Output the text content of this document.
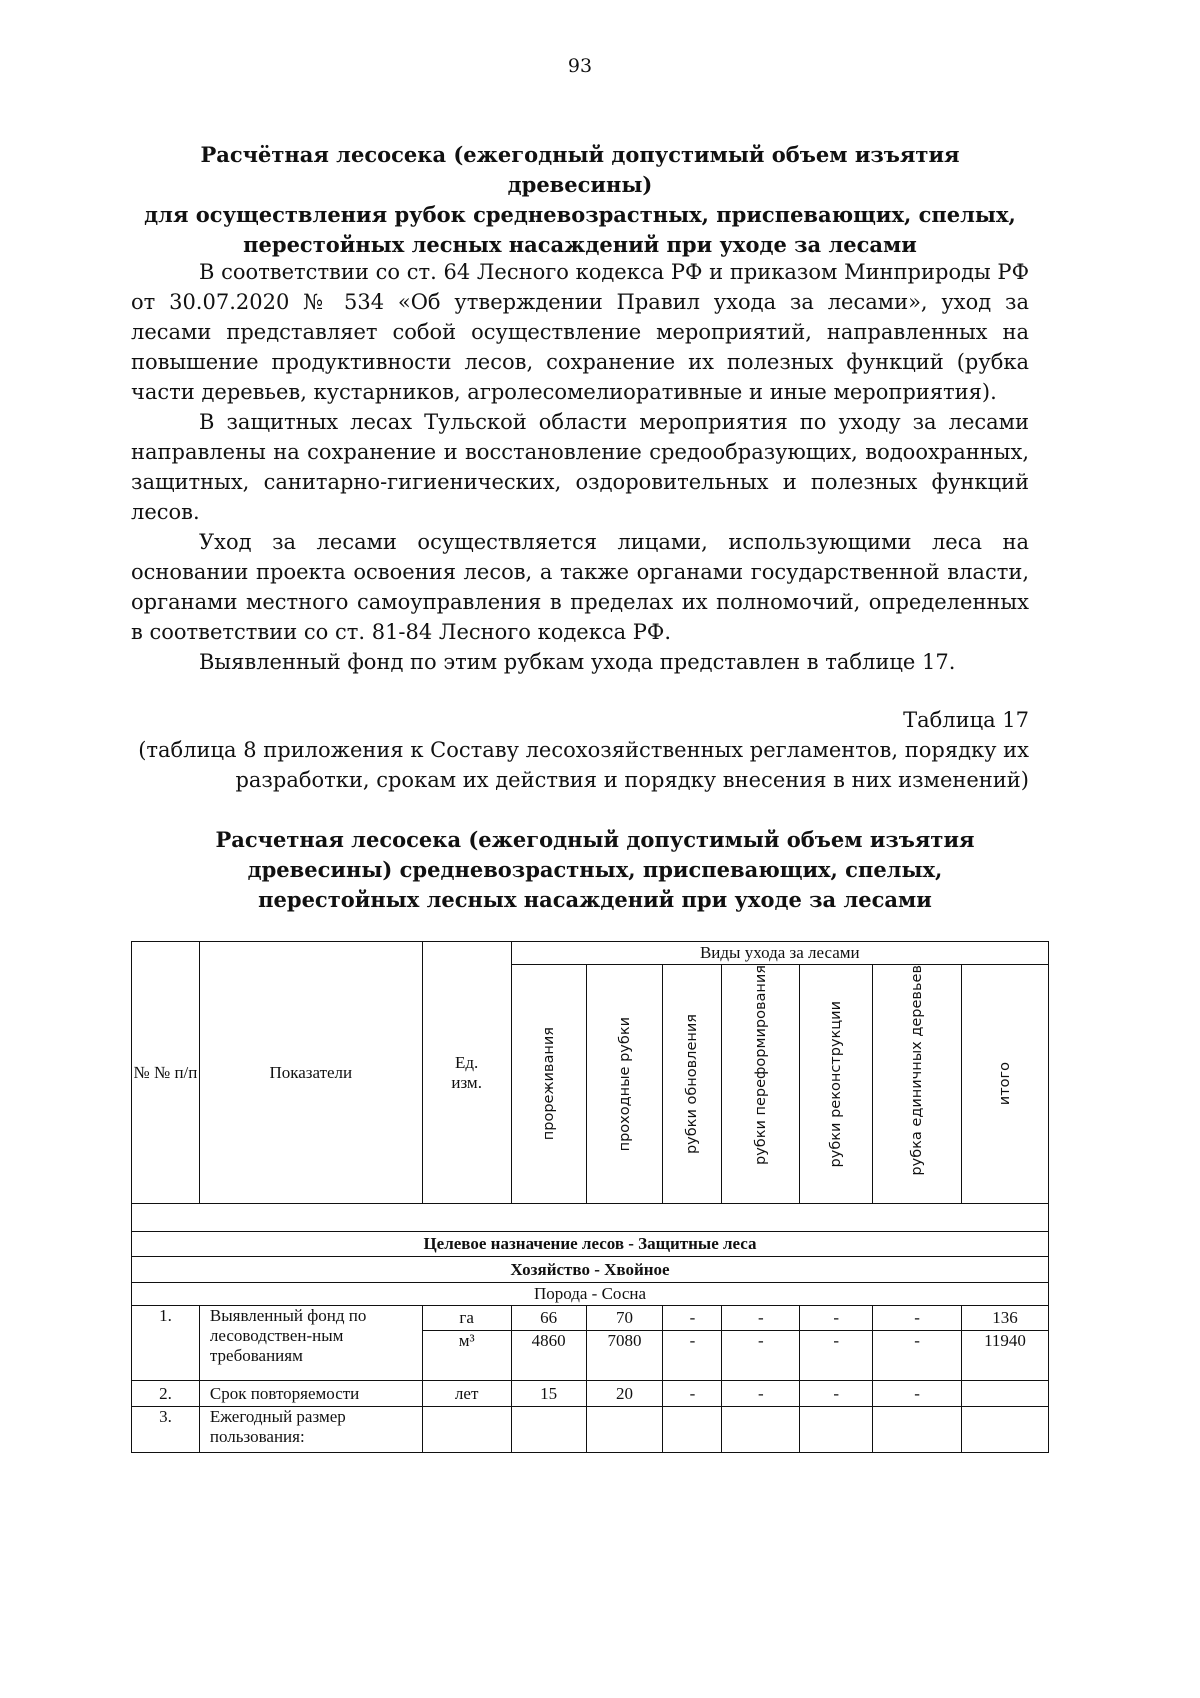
93
Расчётная лесосека (ежегодный допустимый объем изъятия древесины)
для осуществления рубок средневозрастных, приспевающих, спелых,
перестойных лесных насаждений при уходе за лесами

В соответствии со ст. 64 Лесного кодекса РФ и приказом Минприроды РФ от 30.07.2020 № 534 «Об утверждении Правил ухода за лесами», уход за лесами представляет собой осуществление мероприятий, направленных на повышение продуктивности лесов, сохранение их полезных функций (рубка части деревьев, кустарников, агролесомелиоративные и иные мероприятия).

В защитных лесах Тульской области мероприятия по уходу за лесами направлены на сохранение и восстановление средообразующих, водоохранных, защитных, санитарно-гигиенических, оздоровительных и полезных функций лесов.

Уход за лесами осуществляется лицами, использующими леса на основании проекта освоения лесов, а также органами государственной власти, органами местного самоуправления в пределах их полномочий, определенных в соответствии со ст. 81-84 Лесного кодекса РФ.

Выявленный фонд по этим рубкам ухода представлен в таблице 17.

Таблица 17
(таблица 8 приложения к Составу лесохозяйственных регламентов, порядку их
разработки, срокам их действия и порядку внесения в них изменений)
Расчетная лесосека (ежегодный допустимый объем изъятия
древесины) средневозрастных, приспевающих, спелых,
перестойных лесных насаждений при уходе за лесами
№ № п/п	Показатели	Ед. изм.	Виды ухода за лесами						

			прореживания	проходные рубки	рубки обновления	рубки переформирования	рубки реконструкции	рубка единичных деревьев	итого

Целевое назначение лесов - Защитные леса									
Хозяйство - Хвойное									
Порода - Сосна									
1.	Выявленный фонд по лесоводствен-ным требованиям	га	66	70	-	-	-	-	136
		м³	4860	7080	-	-	-	-	11940
2.	Срок повторяемости	лет	15	20	-	-	-	-	
3.	Ежегодный размер пользования:								
